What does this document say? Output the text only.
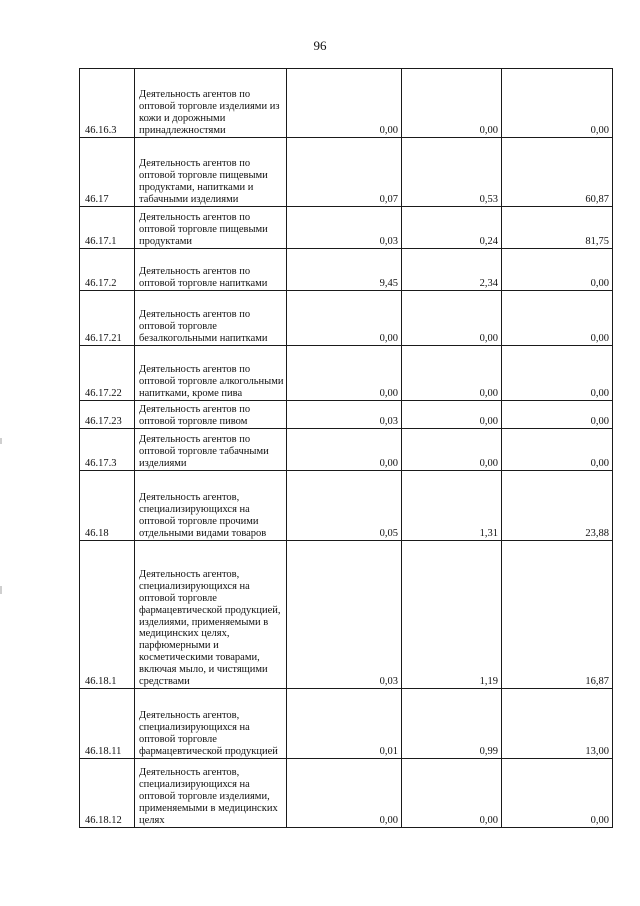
96
46.16.3	Деятельность агентов по оптовой торговле изделиями из кожи и дорожными принадлежностями	0,00	0,00	0,00
46.17	Деятельность агентов по оптовой торговле пищевыми продуктами, напитками и табачными изделиями	0,07	0,53	60,87
46.17.1	Деятельность агентов по оптовой торговле пищевыми продуктами	0,03	0,24	81,75
46.17.2	Деятельность агентов по оптовой торговле напитками	9,45	2,34	0,00
46.17.21	Деятельность агентов по оптовой торговле безалкогольными напитками	0,00	0,00	0,00
46.17.22	Деятельность агентов по оптовой торговле алкогольными напитками, кроме пива	0,00	0,00	0,00
46.17.23	Деятельность агентов по оптовой торговле пивом	0,03	0,00	0,00
46.17.3	Деятельность агентов по оптовой торговле табачными изделиями	0,00	0,00	0,00
46.18	Деятельность агентов, специализирующихся на оптовой торговле прочими отдельными видами товаров	0,05	1,31	23,88
46.18.1	Деятельность агентов, специализирующихся на оптовой торговле фармацевтической продукцией, изделиями, применяемыми в медицинских целях, парфюмерными и косметическими товарами, включая мыло, и чистящими средствами	0,03	1,19	16,87
46.18.11	Деятельность агентов, специализирующихся на оптовой торговле фармацевтической продукцией	0,01	0,99	13,00
46.18.12	Деятельность агентов, специализирующихся на оптовой торговле изделиями, применяемыми в медицинских целях	0,00	0,00	0,00
